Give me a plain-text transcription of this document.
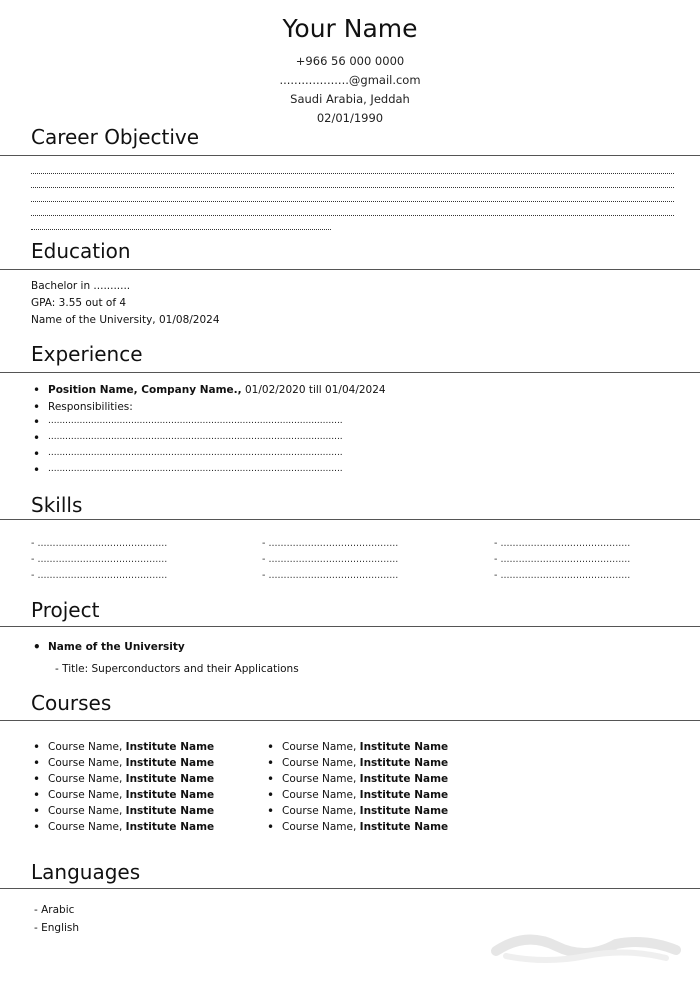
Your Name
+966 56 000 0000
...................@gmail.com
Saudi Arabia, Jeddah
02/01/1990
Career Objective
Education
Bachelor in ...........
GPA: 3.55 out of 4
Name of the University, 01/08/2024
Experience
• Position Name, Company Name., 01/02/2020 till 01/04/2024
• Responsibilities:
• .......................................................................................................
• .......................................................................................................
• .......................................................................................................
• .......................................................................................................
Skills
- ...........................................
- ...........................................
- ...........................................
- ...........................................
- ...........................................
- ...........................................
- ...........................................
- ...........................................
- ...........................................
Project
• Name of the University
- Title: Superconductors and their Applications
Courses
• Course Name, Institute Name
• Course Name, Institute Name
• Course Name, Institute Name
• Course Name, Institute Name
• Course Name, Institute Name
• Course Name, Institute Name
• Course Name, Institute Name
• Course Name, Institute Name
• Course Name, Institute Name
• Course Name, Institute Name
• Course Name, Institute Name
• Course Name, Institute Name
Languages
- Arabic
- English
